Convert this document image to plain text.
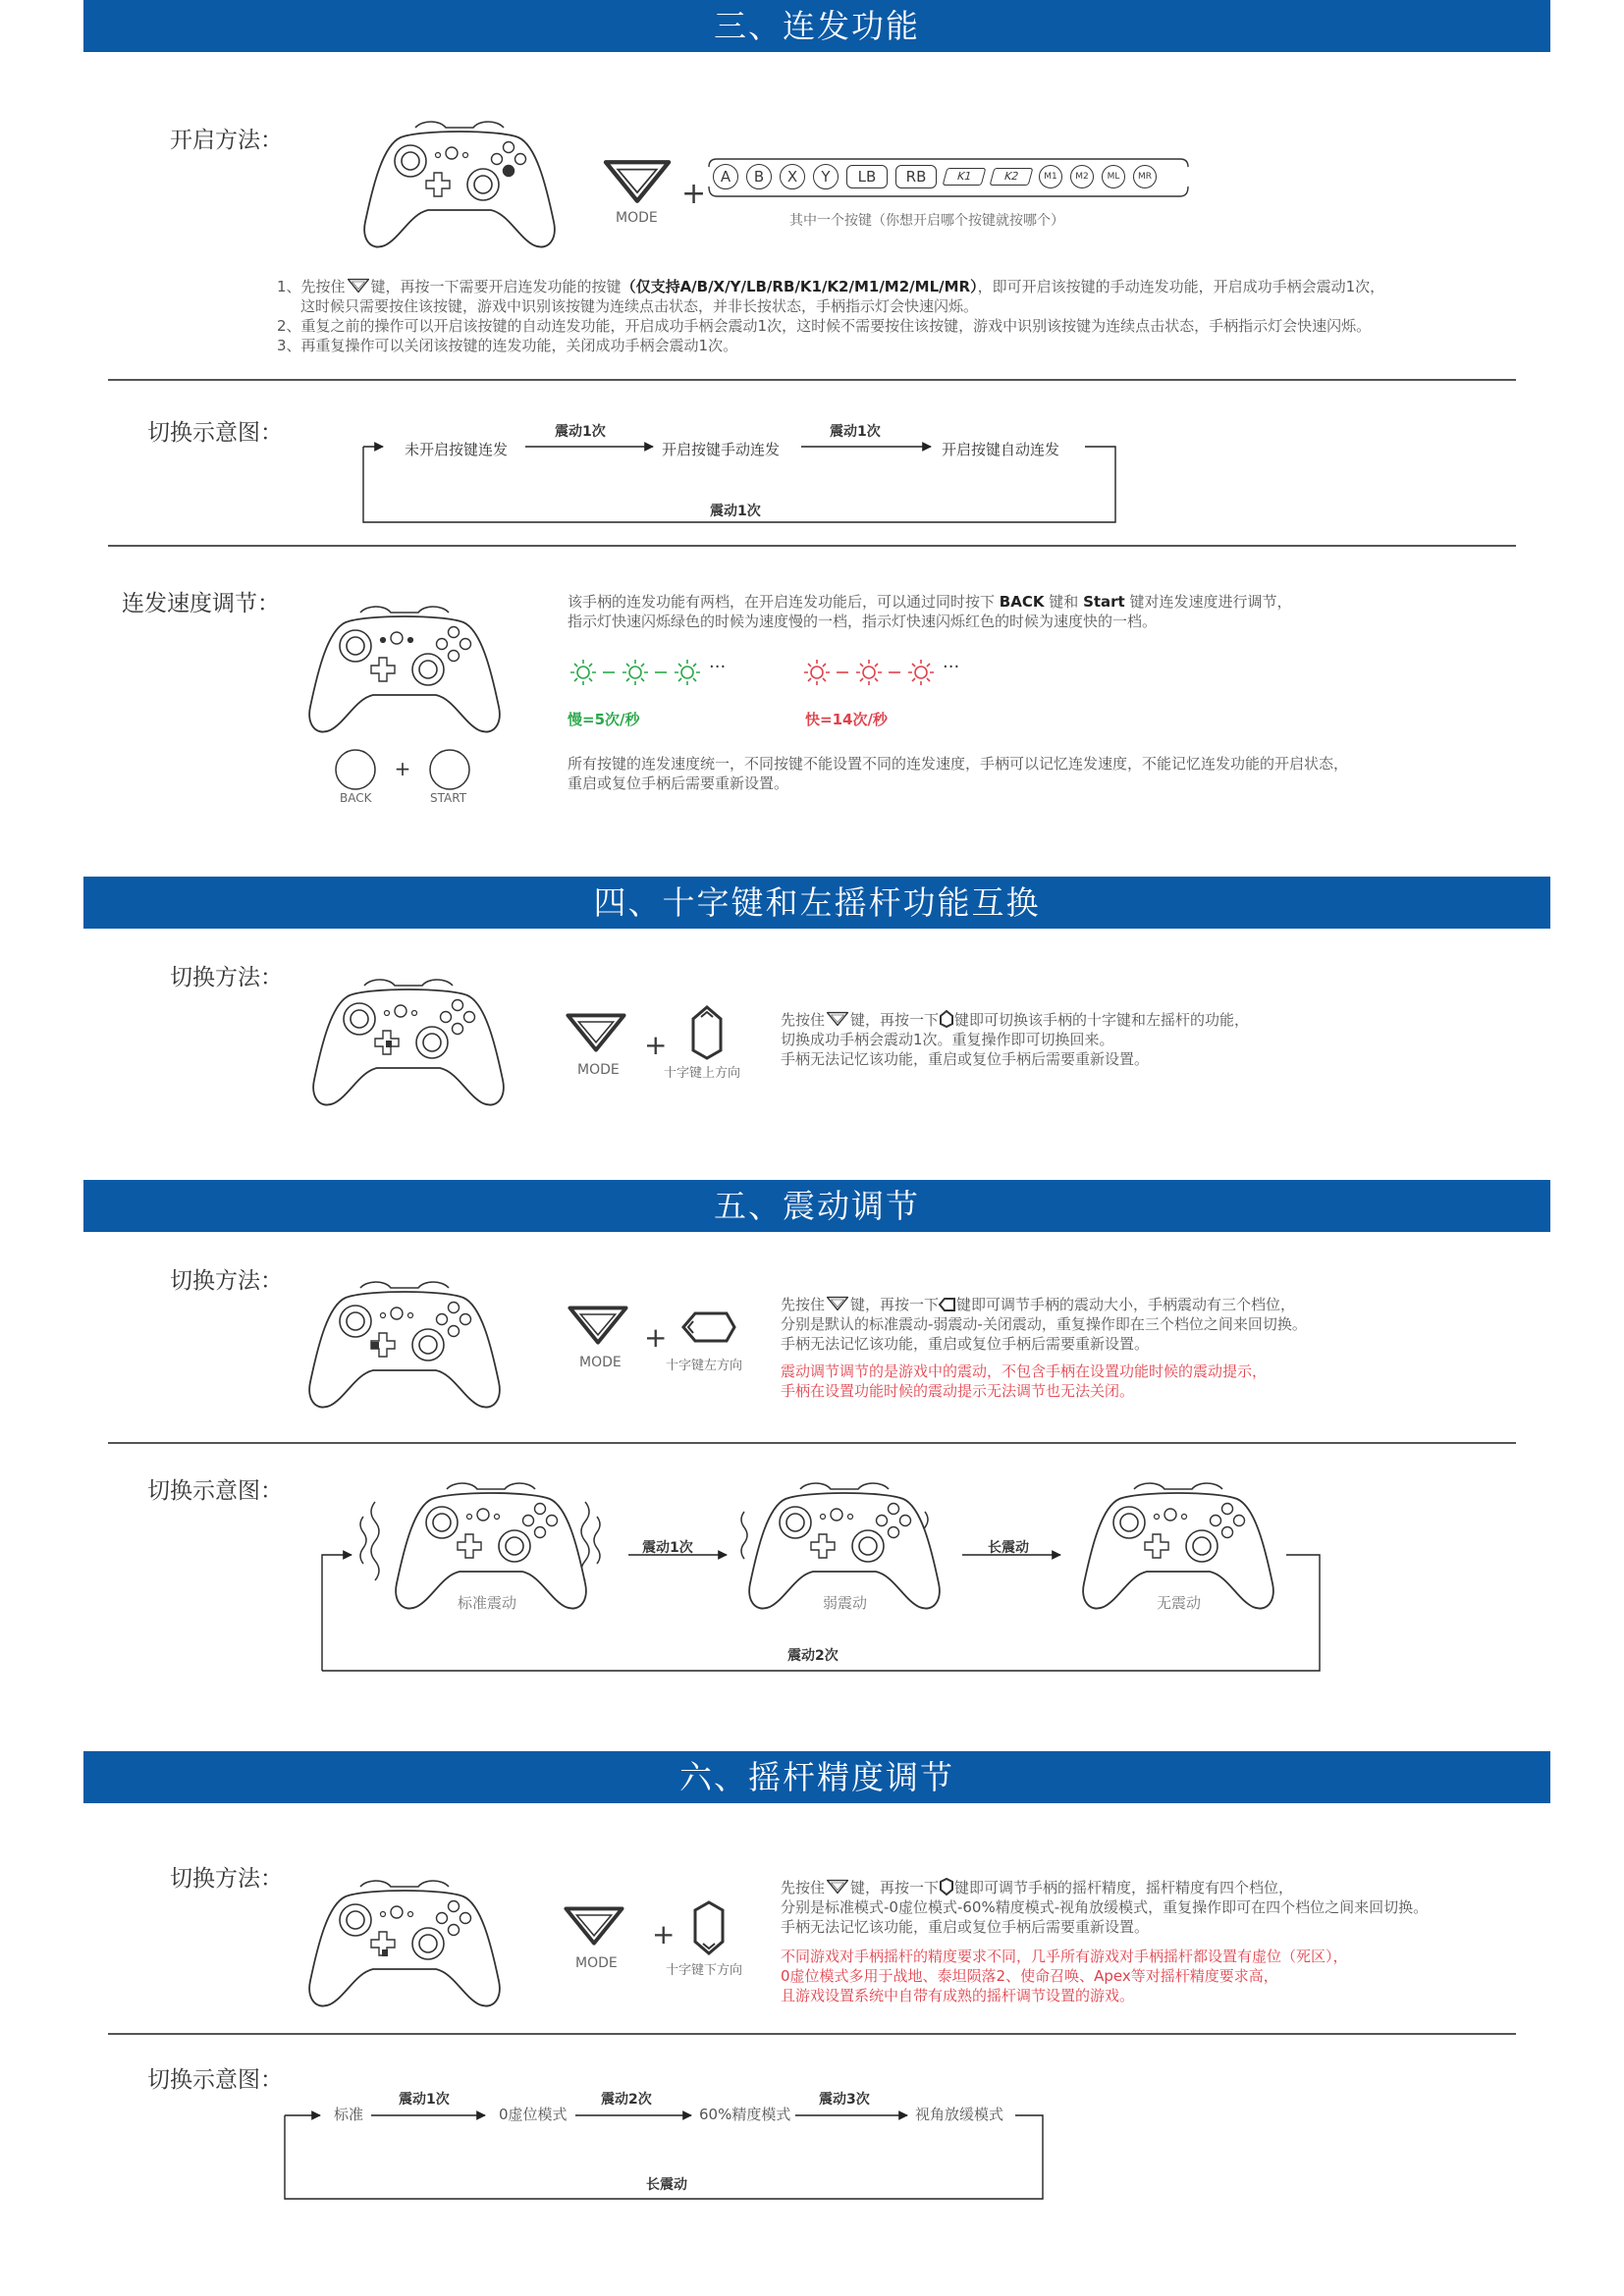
三、连发功能
开启方法：
MODE
+ A	B	X	Y	LB	RB	K1	K2	M1	M2	ML	MR
其中一个按键（你想开启哪个按键就按哪个）

1、先按住 键，再按一下需要开启连发功能的按键（仅支持A/B/X/Y/LB/RB/K1/K2/M1/M2/ML/MR），即可开启该按键的手动连发功能，开启成功手柄会震动1次，

这时候只需要按住该按键，游戏中识别该按键为连续点击状态，并非长按状态，手柄指示灯会快速闪烁。

2、重复之前的操作可以开启该按键的自动连发功能，开启成功手柄会震动1次，这时候不需要按住该按键，游戏中识别该按键为连续点击状态，手柄指示灯会快速闪烁。

3、再重复操作可以关闭该按键的连发功能，关闭成功手柄会震动1次。

切换示意图：
未开启按键连发	开启按键手动连发	开启按键自动连发
震动1次	震动1次
震动1次
连发速度调节：
+
BACK	START

该手柄的连发功能有两档，在开启连发功能后，可以通过同时按下 BACK 键和 Start 键对连发速度进行调节，

指示灯快速闪烁绿色的时候为速度慢的一档，指示灯快速闪烁红色的时候为速度快的一档。

···	···
慢=5次/秒	快=14次/秒

所有按键的连发速度统一，不同按键不能设置不同的连发速度，手柄可以记忆连发速度，不能记忆连发功能的开启状态，

重启或复位手柄后需要重新设置。

四、十字键和左摇杆功能互换
切换方法：
MODE
+
十字键上方向

先按住 键，再按一下 键即可切换该手柄的十字键和左摇杆的功能，

切换成功手柄会震动1次。重复操作即可切换回来。

手柄无法记忆该功能，重启或复位手柄后需要重新设置。

五、震动调节
切换方法：
MODE
+
十字键左方向

先按住 键，再按一下 键即可调节手柄的震动大小，手柄震动有三个档位，

分别是默认的标准震动-弱震动-关闭震动，重复操作即在三个档位之间来回切换。

手柄无法记忆该功能，重启或复位手柄后需要重新设置。

震动调节调节的是游戏中的震动，不包含手柄在设置功能时候的震动提示，

手柄在设置功能时候的震动提示无法调节也无法关闭。

切换示意图：
标准震动	弱震动	无震动
震动1次	长震动
震动2次
六、摇杆精度调节
切换方法：
MODE
+
十字键下方向

先按住 键，再按一下 键即可调节手柄的摇杆精度，摇杆精度有四个档位，

分别是标准模式-0虚位模式-60%精度模式-视角放缓模式，重复操作即可在四个档位之间来回切换。

手柄无法记忆该功能，重启或复位手柄后需要重新设置。

不同游戏对手柄摇杆的精度要求不同，几乎所有游戏对手柄摇杆都设置有虚位（死区），

0虚位模式多用于战地、泰坦陨落2、使命召唤、Apex等对摇杆精度要求高，

且游戏设置系统中自带有成熟的摇杆调节设置的游戏。

切换示意图：
标准	0虚位模式	60%精度模式	视角放缓模式
震动1次	震动2次	震动3次
长震动
